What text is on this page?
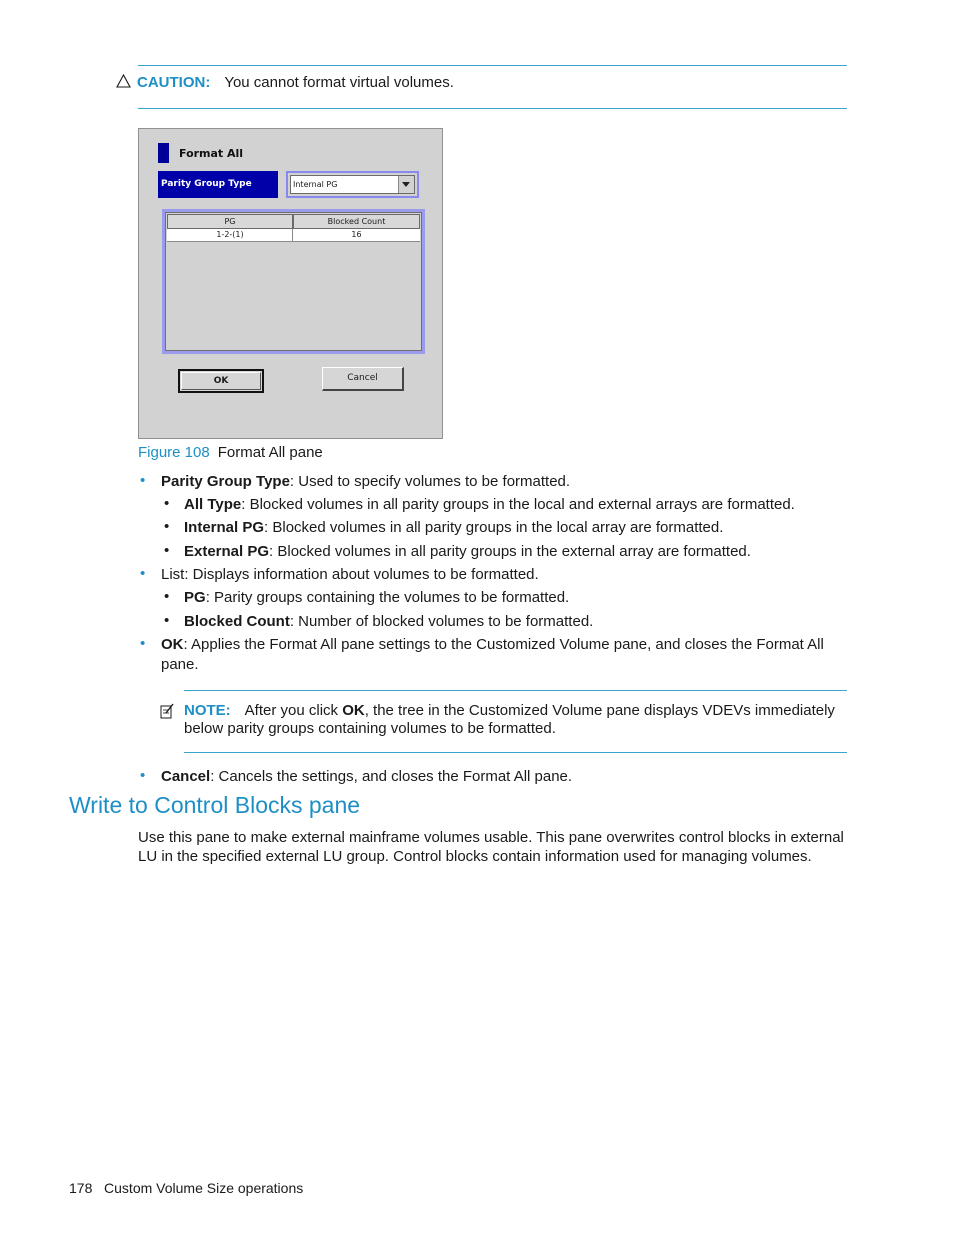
CAUTION: You cannot format virtual volumes.
Format All
Parity Group Type	Internal PG
PG	Blocked Count
1-2-(1)	16
OK	Cancel
Figure 108 Format All pane
• Parity Group Type: Used to specify volumes to be formatted.
• All Type: Blocked volumes in all parity groups in the local and external arrays are formatted.
• Internal PG: Blocked volumes in all parity groups in the local array are formatted.
• External PG: Blocked volumes in all parity groups in the external array are formatted.
• List: Displays information about volumes to be formatted.
• PG: Parity groups containing the volumes to be formatted.
• Blocked Count: Number of blocked volumes to be formatted.
• OK: Applies the Format All pane settings to the Customized Volume pane, and closes the Format All
pane.
NOTE: After you click OK, the tree in the Customized Volume pane displays VDEVs immediately
below parity groups containing volumes to be formatted.
• Cancel: Cancels the settings, and closes the Format All pane.
Write to Control Blocks pane
Use this pane to make external mainframe volumes usable. This pane overwrites control blocks in external LU in the specified external LU group. Control blocks contain information used for managing volumes.
178 Custom Volume Size operations
